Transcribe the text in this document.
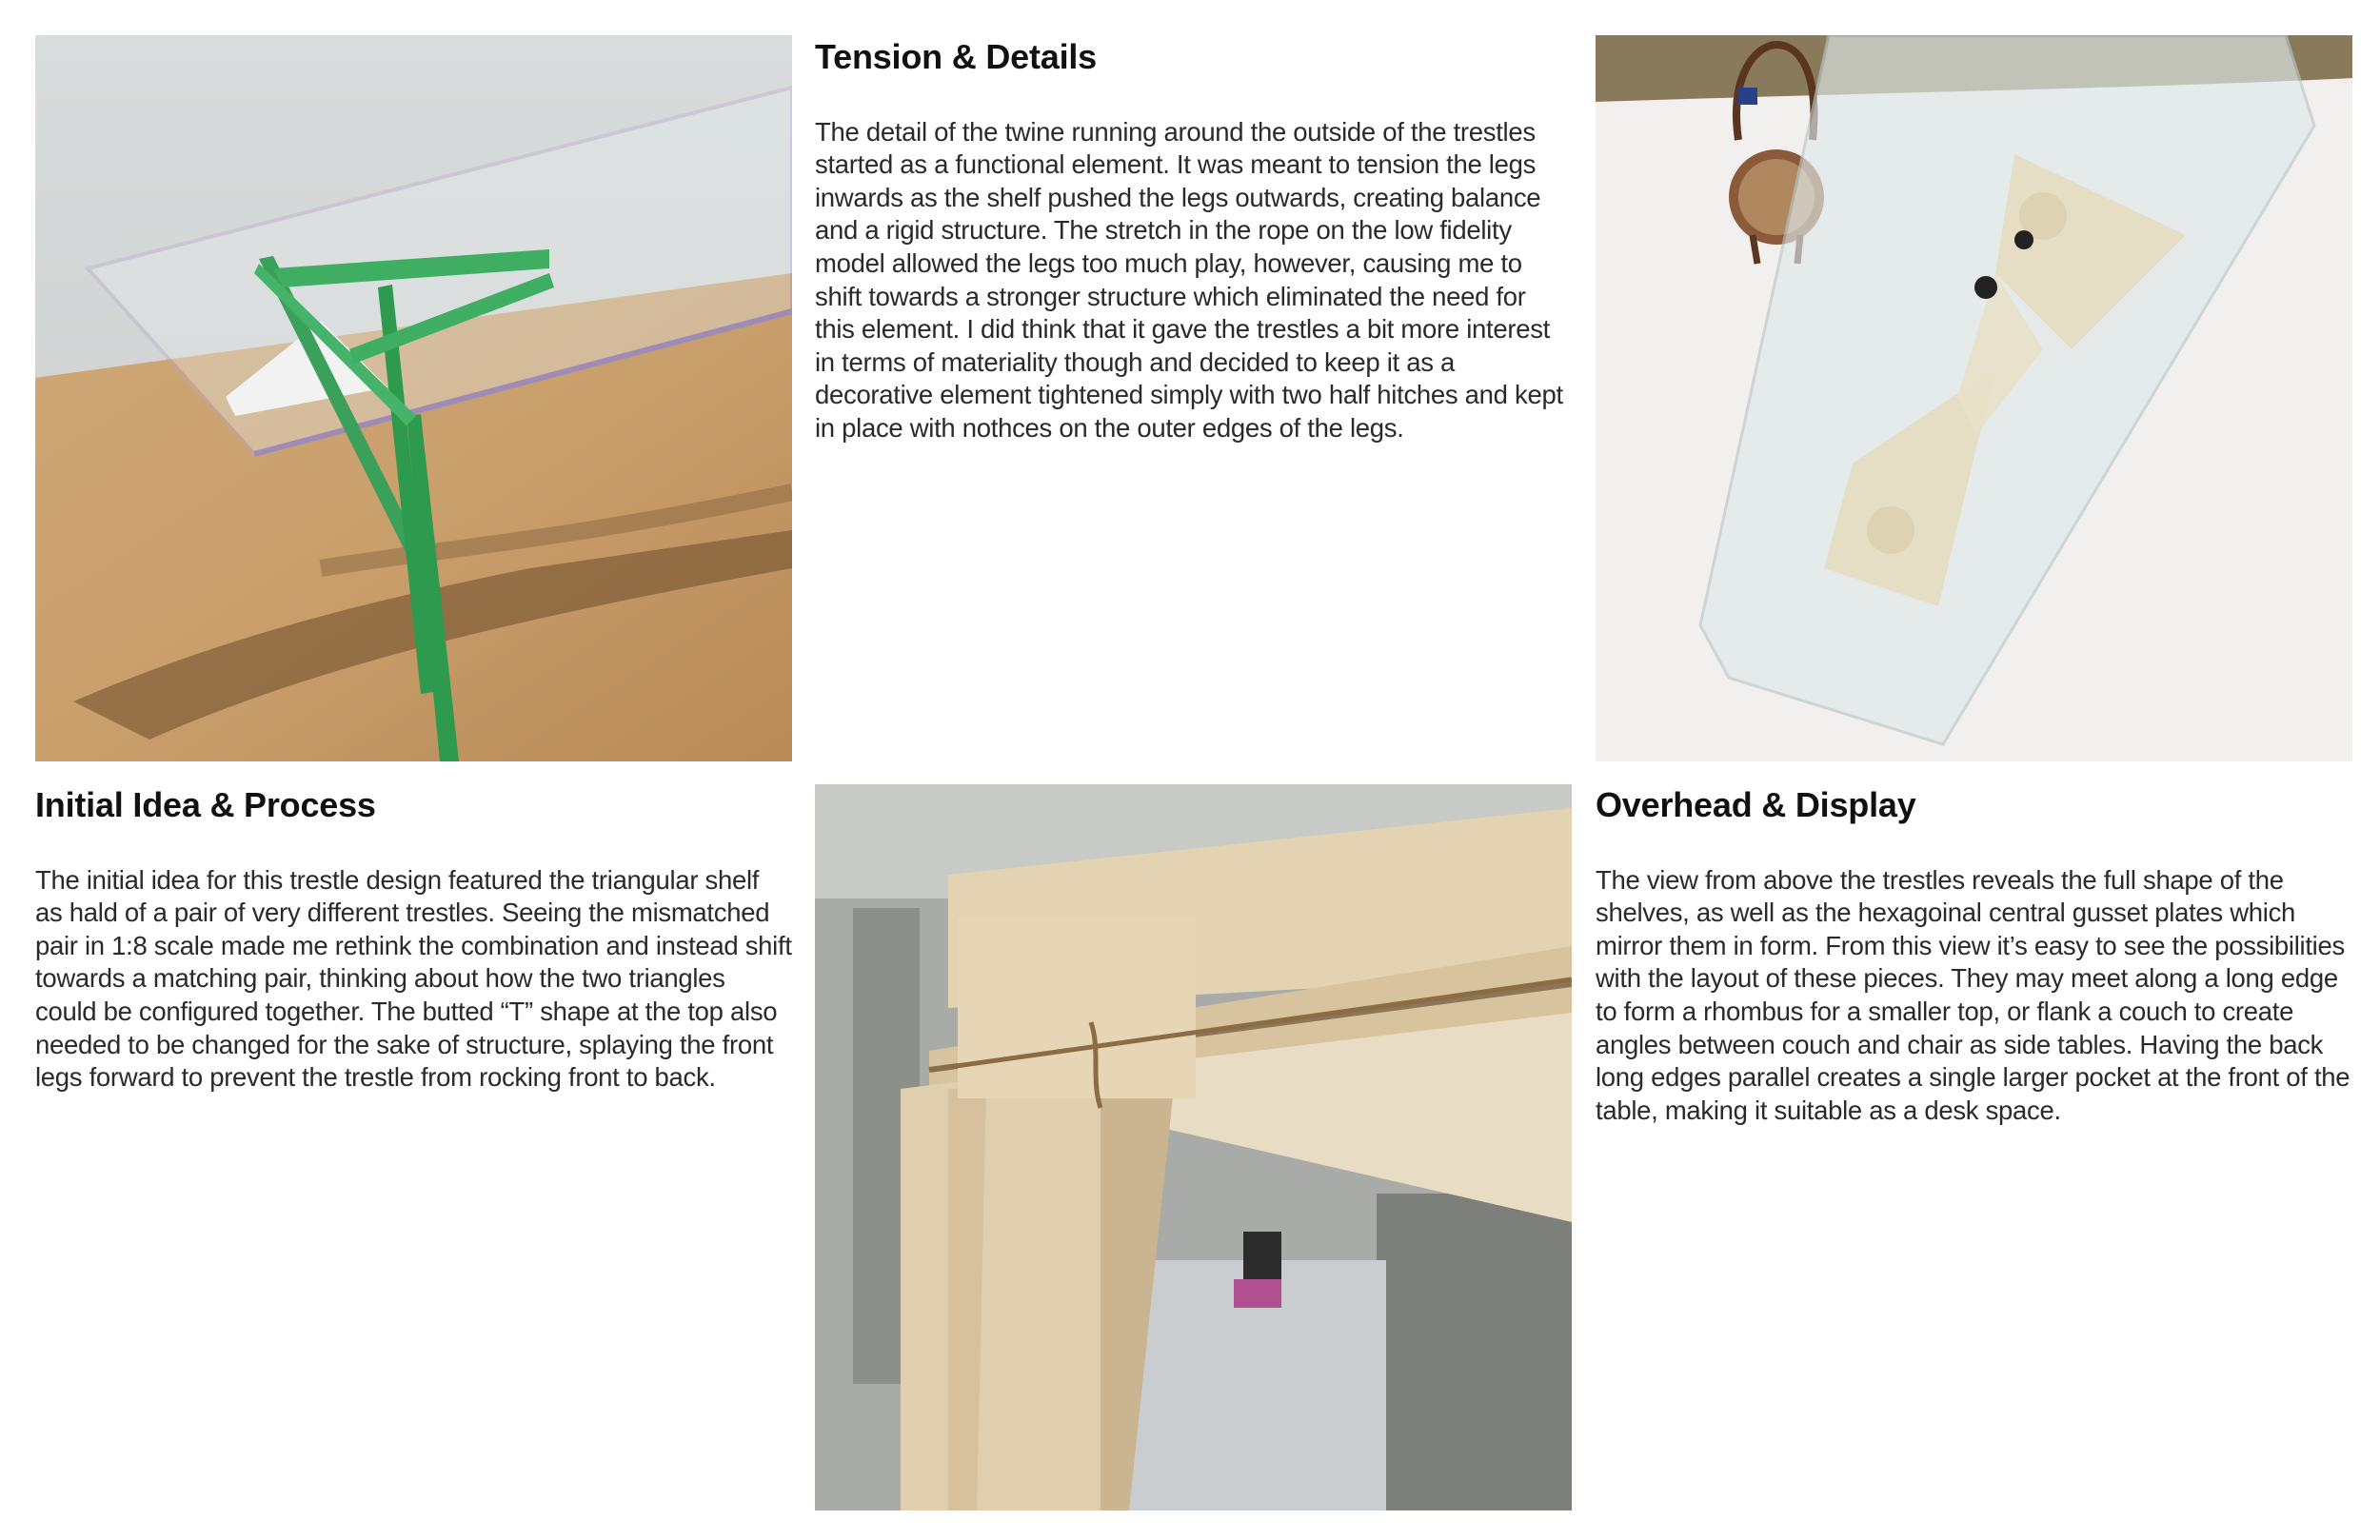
Tension & Details

The detail of the twine running around the outside of the trestles started as a functional element. It was meant to tension the legs inwards as the shelf pushed the legs outwards, creating balance and a rigid structure. The stretch in the rope on the low fidelity model allowed the legs too much play, however, causing me to shift towards a stronger structure which eliminated the need for this element. I did think that it gave the trestles a bit more interest in terms of materiality though and decided to keep it as a decorative element tightened simply with two half hitches and kept in place with nothces on the outer edges of the legs.

Initial Idea & Process

The initial idea for this trestle design featured the triangular shelf as hald of a pair of very different trestles. Seeing the mismatched pair in 1:8 scale made me rethink the combination and instead shift towards a matching pair, thinking about how the two triangles could be configured together. The butted “T” shape at the top also needed to be changed for the sake of structure, splaying the front legs forward to prevent the trestle from rocking front to back.

Overhead & Display

The view from above the trestles reveals the full shape of the shelves, as well as the hexagoinal central gusset plates which mirror them in form. From this view it’s easy to see the possibilities with the layout of these pieces. They may meet along a long edge to form a rhombus for a smaller top, or flank a couch to create angles between couch and chair as side tables. Having the back long edges parallel creates a single larger pocket at the front of the table, making it suitable as a desk space.
